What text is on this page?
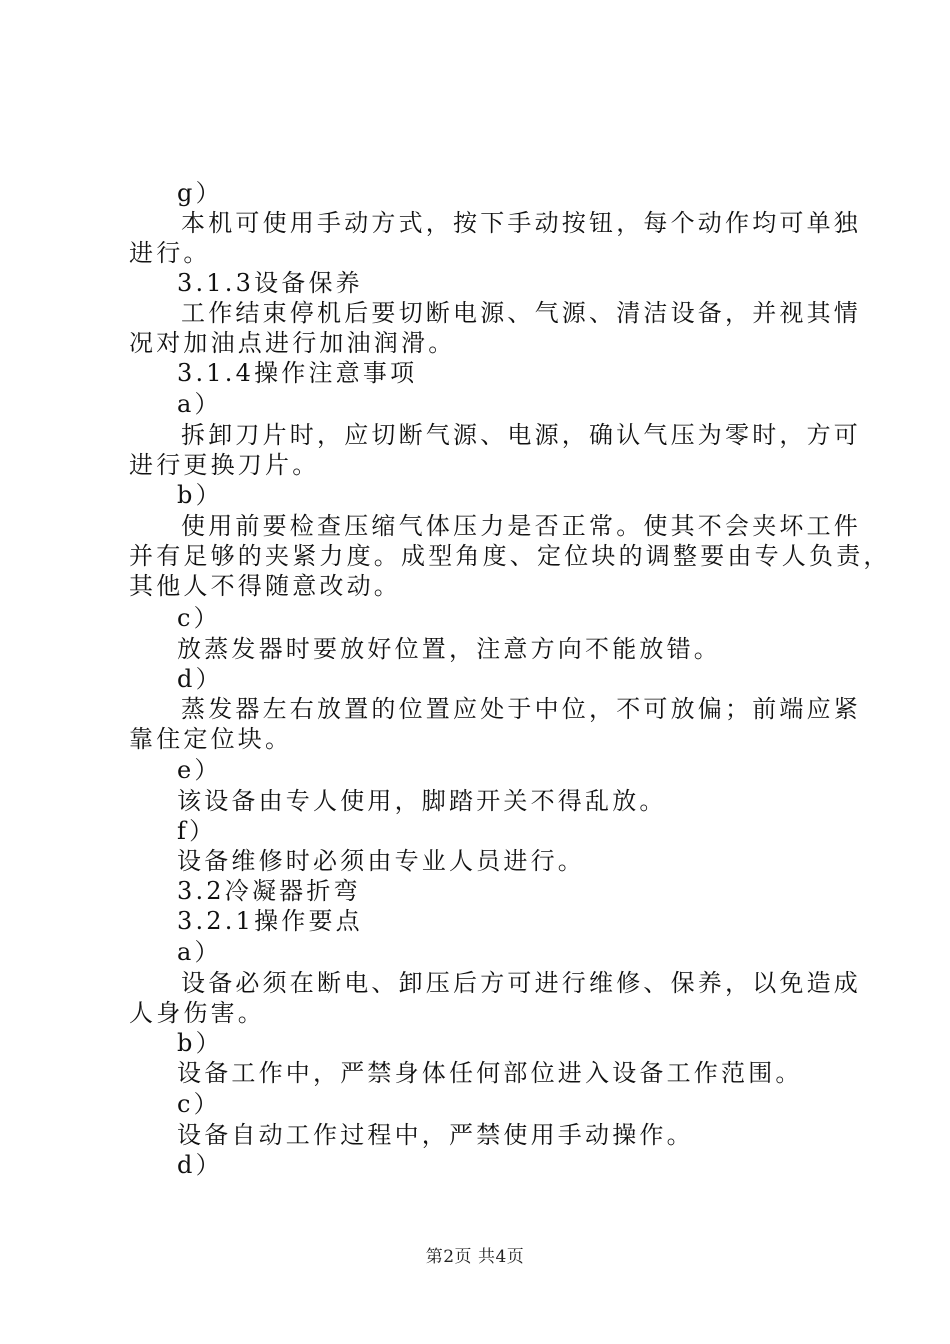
g）
本机可使用手动方式，按下手动按钮，每个动作均可单独
进行。
3.1.3设备保养
工作结束停机后要切断电源、气源、清洁设备，并视其情
况对加油点进行加油润滑。
3.1.4操作注意事项
a）
拆卸刀片时，应切断气源、电源，确认气压为零时，方可
进行更换刀片。
b）
使用前要检查压缩气体压力是否正常。使其不会夹坏工件
并有足够的夹紧力度。成型角度、定位块的调整要由专人负责，
其他人不得随意改动。
c）
放蒸发器时要放好位置，注意方向不能放错。
d）
蒸发器左右放置的位置应处于中位，不可放偏；前端应紧
靠住定位块。
e）
该设备由专人使用，脚踏开关不得乱放。
f）
设备维修时必须由专业人员进行。
3.2冷凝器折弯
3.2.1操作要点
a）
设备必须在断电、卸压后方可进行维修、保养，以免造成
人身伤害。
b）
设备工作中，严禁身体任何部位进入设备工作范围。
c）
设备自动工作过程中，严禁使用手动操作。
d）
第2页 共4页
